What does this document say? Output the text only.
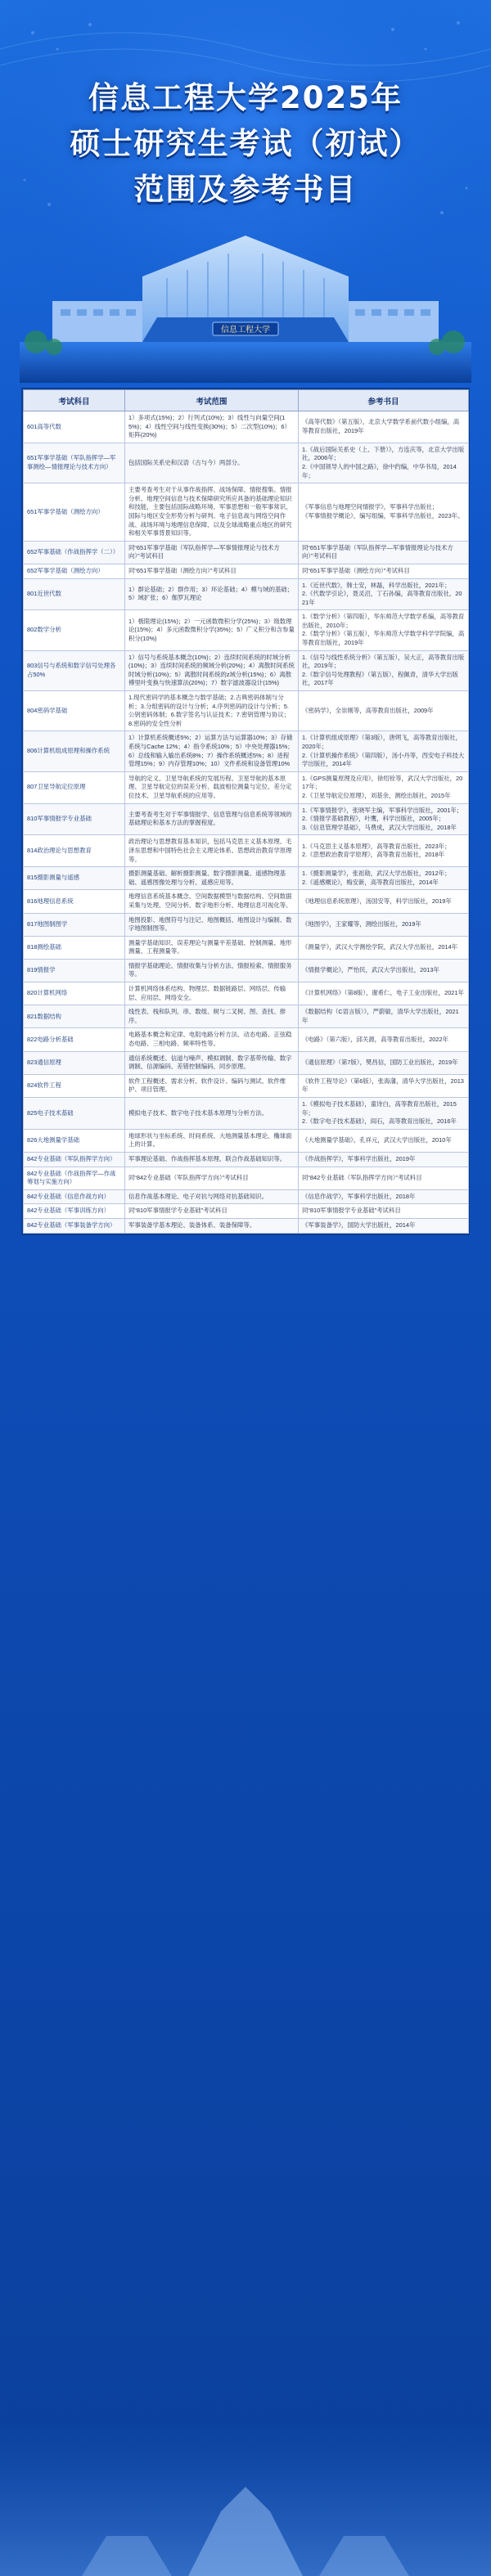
信息工程大学2025年
硕士研究生考试（初试）
范围及参考书目
信息工程大学
考试科目	考试范围	参考书目
601高等代数	1）多项式(15%)；2）行列式(10%)；3）线性与向量空间(15%)；4）线性空间与线性变换(30%)；5）二次型(10%)；6）矩阵(20%)	《高等代数》（第五版），北京大学数学系前代数小组编，高等教育出版社，2019年
651军事学基础（军队指挥学—军事测绘—情报理论与技术方向）	包括国际关系史和汉语（古与今）两部分。	1.《战后国际关系史（上、下册）》，方连庆等，北京大学出版社，2006年；
2.《中国领导人的中国之路》，徐中约编，中华书局，2014年；
651军事学基础（测绘方向）	主要考查考生对于从事作战指挥、战场保障、情报搜集、情报分析、地理空间信息与技术保障研究所应具备的基础理论知识和技能，主要包括国际战略环境、军事思想和一般军事常识、国际与地区安全形势分析与研判、电子信息战与网络空间作战、战场环境与地理信息保障、以及全球战略重点地区的研究和相关军事背景知识等。	《军事信息与地理空间情报学》，军事科学出版社；
《军事情报学概论》，编写组编，军事科学出版社，2023年。
652军事基础（作战指挥学（二））	同“651军事学基础（军队指挥学—军事情报理论与技术方向）”考试科目	同“651军事学基础（军队指挥学—军事情报理论与技术方向）”考试科目
652军事学基础（测绘方向）	同“651军事学基础（测绘方向）”考试科目	同“651军事学基础（测绘方向）”考试科目
801近世代数	1）群论基础；2）群作用；3）环论基础；4）模与域的基础；5）域扩张；6）伽罗瓦理论	1.《近世代数》，韩士安，林磊，科学出版社，2021年；
2.《代数学引论》，聂灵沼，丁石孙编，高等教育出版社，2021年
802数学分析	1）极限理论(15%)；2）一元函数微积分学(25%)；3）级数理论(15%)；4）多元函数微积分学(35%)；5）广义积分和含参量积分(10%)	1.《数学分析》（第四版），华东师范大学数学系编，高等教育出版社，2010年；
2.《数学分析》（第五版），华东师范大学数学科学学院编，高等教育出版社，2019年
803信号与系统和数字信号处理各占50%	1）信号与系统基本概念(10%)；2）连续时间系统的时域分析(10%)；3）连续时间系统的频域分析(20%)；4）离散时间系统时域分析(10%)；5）离散时间系统的z域分析(15%)；6）离散傅里叶变换与快速算法(20%)；7）数字滤波器设计(15%)	1.《信号与线性系统分析》（第五版），吴大正，高等教育出版社，2019年；
2.《数字信号处理教程》（第五版），程佩青，清华大学出版社，2017年
804密码学基础	1.现代密码学的基本概念与数学基础；2.古典密码体制与分析；3.分组密码的设计与分析；4.序列密码的设计与分析；5.公钥密码体制；6.数字签名与认证技术；7.密钥管理与协议；8.密码的安全性分析	《密码学》，全崇刚等，高等教育出版社，2009年
806计算机组成原理和操作系统	1）计算机系统概述5%；2）运算方法与运算器10%；3）存储系统与Cache 12%；4）指令系统10%；5）中央处理器15%；6）总线和输入输出系统8%；7）操作系统概述5%；8）进程管理15%；9）内存管理10%；10）文件系统和设备管理10%	1.《计算机组成原理》（第3版），唐朔飞，高等教育出版社，2020年；
2.《计算机操作系统》（第四版），汤小丹等，西安电子科技大学出版社，2014年
807卫星导航定位原理	导航的定义、卫星导航系统的发展历程、卫星导航的基本原理、卫星导航定位的误差分析、载波相位测量与定位、差分定位技术、卫星导航系统的应用等。	1.《GPS测量原理及应用》，徐绍铨等，武汉大学出版社，2017年；
2.《卫星导航定位原理》，刘基余，测绘出版社，2015年
810军事情报学专业基础	主要考查考生对于军事情报学、信息管理与信息系统等领域的基础理论和基本方法的掌握程度。	1.《军事情报学》，张晓军主编，军事科学出版社，2001年；
2.《情报学基础教程》，叶鹰，科学出版社，2005年；
3.《信息管理学基础》，马费成，武汉大学出版社，2018年
814政治理论与思想教育	政治理论与思想教育基本知识，包括马克思主义基本原理、毛泽东思想和中国特色社会主义理论体系、思想政治教育学原理等。	1.《马克思主义基本原理》，高等教育出版社，2023年；
2.《思想政治教育学原理》，高等教育出版社，2018年
815摄影测量与遥感	摄影测量基础、解析摄影测量、数字摄影测量、遥感物理基础、遥感图像处理与分析、遥感应用等。	1.《摄影测量学》，张祖勋，武汉大学出版社，2012年；
2.《遥感概论》，梅安新，高等教育出版社，2014年
816地理信息系统	地理信息系统基本概念、空间数据模型与数据结构、空间数据采集与处理、空间分析、数字地形分析、地理信息可视化等。	《地理信息系统原理》，汤国安等，科学出版社，2019年
817地图制图学	地图投影、地图符号与注记、地图概括、地图设计与编制、数字地图制图等。	《地图学》，王家耀等，测绘出版社，2019年
818测绘基础	测量学基础知识、误差理论与测量平差基础、控制测量、地形测量、工程测量等。	《测量学》，武汉大学测绘学院，武汉大学出版社，2014年
819情报学	情报学基础理论、情报收集与分析方法、情报检索、情报服务等。	《情报学概论》，严怡民，武汉大学出版社，2013年
820计算机网络	计算机网络体系结构、物理层、数据链路层、网络层、传输层、应用层、网络安全。	《计算机网络》（第8版），谢希仁，电子工业出版社，2021年
821数据结构	线性表、栈和队列、串、数组、树与二叉树、图、查找、排序。	《数据结构（C语言版）》，严蔚敏，清华大学出版社，2021年
822电路分析基础	电路基本概念和定律、电阻电路分析方法、动态电路、正弦稳态电路、三相电路、频率特性等。	《电路》（第六版），邱关源，高等教育出版社，2022年
823通信原理	通信系统概述、信道与噪声、模拟调制、数字基带传输、数字调制、信源编码、差错控制编码、同步原理。	《通信原理》（第7版），樊昌信，国防工业出版社，2019年
824软件工程	软件工程概述、需求分析、软件设计、编码与测试、软件维护、项目管理。	《软件工程导论》（第6版），张海藩，清华大学出版社，2013年
825电子技术基础	模拟电子技术、数字电子技术基本原理与分析方法。	1.《模拟电子技术基础》，童诗白，高等教育出版社，2015年；
2.《数字电子技术基础》，阎石，高等教育出版社，2016年
826大地测量学基础	地球形状与坐标系统、时间系统、大地测量基本理论、椭球面上的计算。	《大地测量学基础》，孔祥元，武汉大学出版社，2010年
842专业基础（军队指挥学方向）	军事理论基础、作战指挥基本原理、联合作战基础知识等。	《作战指挥学》，军事科学出版社，2019年
842专业基础（作战指挥学—作战筹划与实施方向）	同“842专业基础（军队指挥学方向）”考试科目	同“842专业基础（军队指挥学方向）”考试科目
842专业基础（信息作战方向）	信息作战基本理论、电子对抗与网络对抗基础知识。	《信息作战学》，军事科学出版社，2018年
842专业基础（军事训练方向）	同“810军事情报学专业基础”考试科目	同“810军事情报学专业基础”考试科目
842专业基础（军事装备学方向）	军事装备学基本理论、装备体系、装备保障等。	《军事装备学》，国防大学出版社，2014年
